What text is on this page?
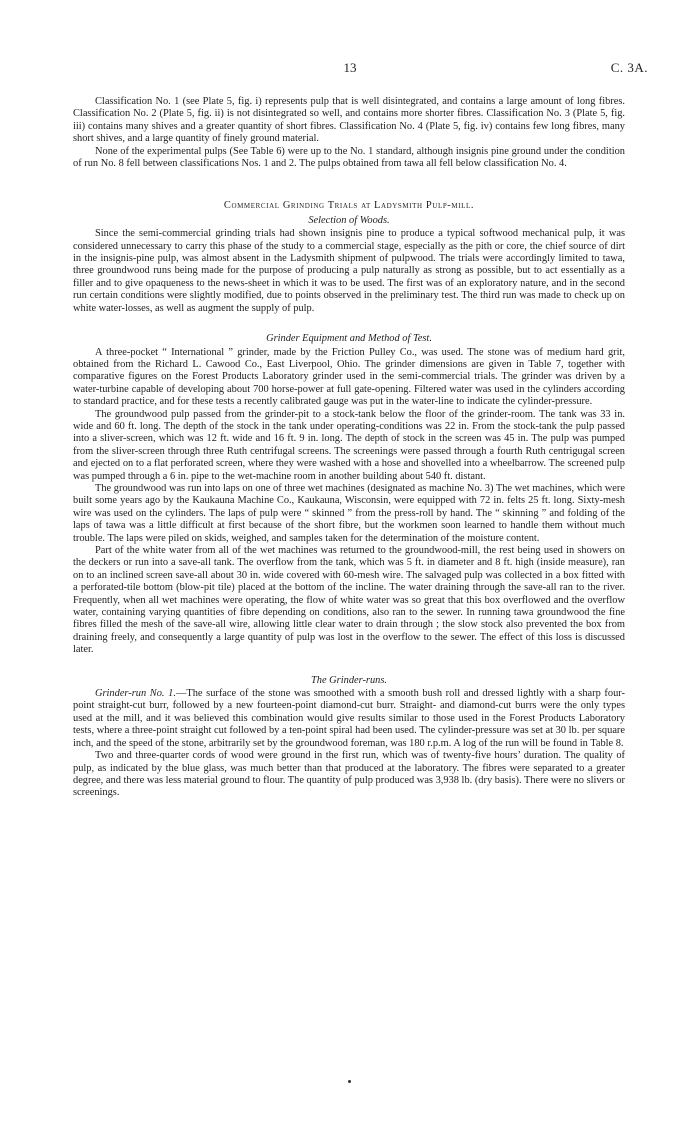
13	C. 3A.

Classification No. 1 (see Plate 5, fig. i) represents pulp that is well disintegrated, and contains a large amount of long fibres. Classification No. 2 (Plate 5, fig. ii) is not disintegrated so well, and contains more shorter fibres. Classification No. 3 (Plate 5, fig. iii) contains many shives and a greater quantity of short fibres. Classification No. 4 (Plate 5, fig. iv) contains few long fibres, many short shives, and a large quantity of finely ground material.

None of the experimental pulps (See Table 6) were up to the No. 1 standard, although insignis pine ground under the condition of run No. 8 fell between classifications Nos. 1 and 2. The pulps obtained from tawa all fell below classification No. 4.

Commercial Grinding Trials at Ladysmith Pulp-mill.
Selection of Woods.

Since the semi-commercial grinding trials had shown insignis pine to produce a typical softwood mechanical pulp, it was considered unnecessary to carry this phase of the study to a commercial stage, especially as the pith or core, the chief source of dirt in the insignis-pine pulp, was almost absent in the Ladysmith shipment of pulpwood. The trials were accordingly limited to tawa, three groundwood runs being made for the purpose of producing a pulp naturally as strong as possible, but to act essentially as a filler and to give opaqueness to the news-sheet in which it was to be used. The first was of an exploratory nature, and in the second run certain conditions were slightly modified, due to points observed in the preliminary test. The third run was made to check up on white water-losses, as well as augment the supply of pulp.

Grinder Equipment and Method of Test.

A three-pocket “ International ” grinder, made by the Friction Pulley Co., was used. The stone was of medium hard grit, obtained from the Richard L. Cawood Co., East Liverpool, Ohio. The grinder dimensions are given in Table 7, together with comparative figures on the Forest Products Laboratory grinder used in the semi-commercial trials. The grinder was driven by a water-turbine capable of developing about 700 horse-power at full gate-opening. Filtered water was used in the cylinders according to standard practice, and for these tests a recently calibrated gauge was put in the water-line to indicate the cylinder-pressure.

The groundwood pulp passed from the grinder-pit to a stock-tank below the floor of the grinder-room. The tank was 33 in. wide and 60 ft. long. The depth of the stock in the tank under operating-conditions was 22 in. From the stock-tank the pulp passed into a sliver-screen, which was 12 ft. wide and 16 ft. 9 in. long. The depth of stock in the screen was 45 in. The pulp was pumped from the sliver-screen through three Ruth centrifugal screens. The screenings were passed through a fourth Ruth centrigugal screen and ejected on to a flat perforated screen, where they were washed with a hose and shovelled into a wheelbarrow. The screened pulp was pumped through a 6 in. pipe to the wet-machine room in another building about 540 ft. distant.

The groundwood was run into laps on one of three wet machines (designated as machine No. 3) The wet machines, which were built some years ago by the Kaukauna Machine Co., Kaukauna, Wisconsin, were equipped with 72 in. felts 25 ft. long. Sixty-mesh wire was used on the cylinders. The laps of pulp were “ skinned ” from the press-roll by hand. The “ skinning ” and folding of the laps of tawa was a little difficult at first because of the short fibre, but the workmen soon learned to handle them without much trouble. The laps were piled on skids, weighed, and samples taken for the determination of the moisture content.

Part of the white water from all of the wet machines was returned to the groundwood-mill, the rest being used in showers on the deckers or run into a save-all tank. The overflow from the tank, which was 5 ft. in diameter and 8 ft. high (inside measure), ran on to an inclined screen save-all about 30 in. wide covered with 60-mesh wire. The salvaged pulp was collected in a box fitted with a perforated-tile bottom (blow-pit tile) placed at the bottom of the incline. The water draining through the save-all ran to the river. Frequently, when all wet machines were operating, the flow of white water was so great that this box overflowed and the overflow water, containing varying quantities of fibre depending on conditions, also ran to the sewer. In running tawa groundwood the fine fibres filled the mesh of the save-all wire, allowing little clear water to drain through ; the slow stock also prevented the box from draining freely, and consequently a large quantity of pulp was lost in the overflow to the sewer. The effect of this loss is discussed later.

The Grinder-runs.

Grinder-run No. 1.—The surface of the stone was smoothed with a smooth bush roll and dressed lightly with a sharp four-point straight-cut burr, followed by a new fourteen-point diamond-cut burr. Straight- and diamond-cut burrs were the only types used at the mill, and it was believed this combination would give results similar to those used in the Forest Products Laboratory tests, where a three-point straight cut followed by a ten-point spiral had been used. The cylinder-pressure was set at 30 lb. per square inch, and the speed of the stone, arbitrarily set by the groundwood foreman, was 180 r.p.m. A log of the run will be found in Table 8.

Two and three-quarter cords of wood were ground in the first run, which was of twenty-five hours’ duration. The quality of pulp, as indicated by the blue glass, was much better than that produced at the laboratory. The fibres were separated to a greater degree, and there was less material ground to flour. The quantity of pulp produced was 3,938 lb. (dry basis). There were no slivers or screenings.
